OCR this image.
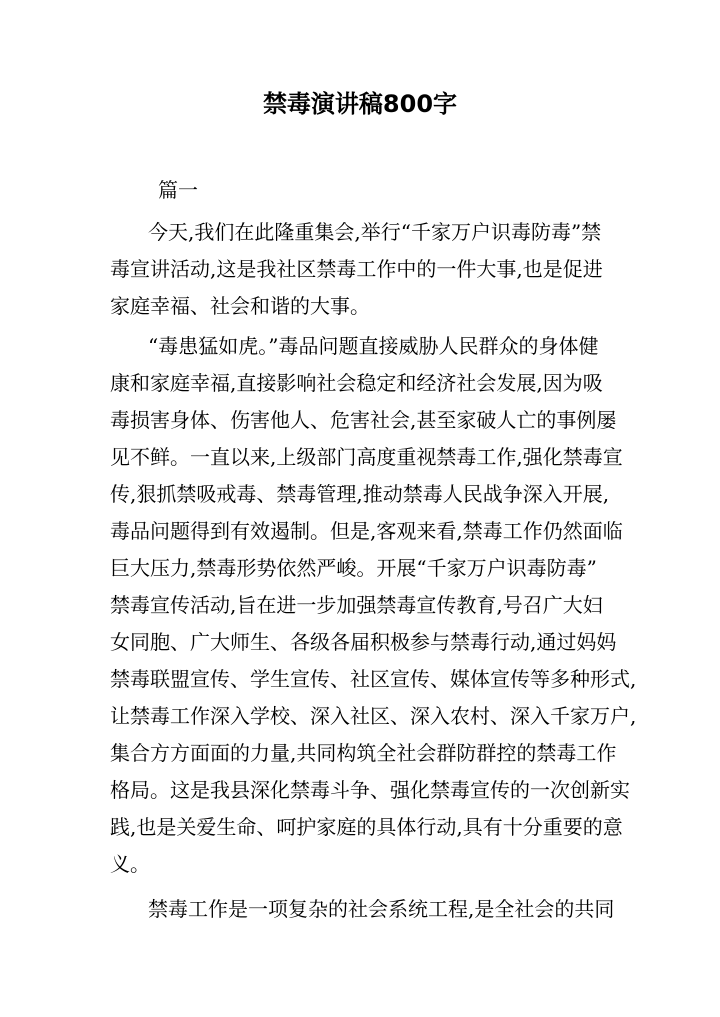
禁毒演讲稿800字
篇一
今天,我们在此隆重集会,举行“千家万户识毒防毒”禁
毒宣讲活动,这是我社区禁毒工作中的一件大事,也是促进
家庭幸福、社会和谐的大事。
“毒患猛如虎。”毒品问题直接威胁人民群众的身体健
康和家庭幸福,直接影响社会稳定和经济社会发展,因为吸
毒损害身体、伤害他人、危害社会,甚至家破人亡的事例屡
见不鲜。一直以来,上级部门高度重视禁毒工作,强化禁毒宣
传,狠抓禁吸戒毒、禁毒管理,推动禁毒人民战争深入开展,
毒品问题得到有效遏制。但是,客观来看,禁毒工作仍然面临
巨大压力,禁毒形势依然严峻。开展“千家万户识毒防毒”
禁毒宣传活动,旨在进一步加强禁毒宣传教育,号召广大妇
女同胞、广大师生、各级各届积极参与禁毒行动,通过妈妈
禁毒联盟宣传、学生宣传、社区宣传、媒体宣传等多种形式,
让禁毒工作深入学校、深入社区、深入农村、深入千家万户,
集合方方面面的力量,共同构筑全社会群防群控的禁毒工作
格局。这是我县深化禁毒斗争、强化禁毒宣传的一次创新实
践,也是关爱生命、呵护家庭的具体行动,具有十分重要的意
义。
禁毒工作是一项复杂的社会系统工程,是全社会的共同
